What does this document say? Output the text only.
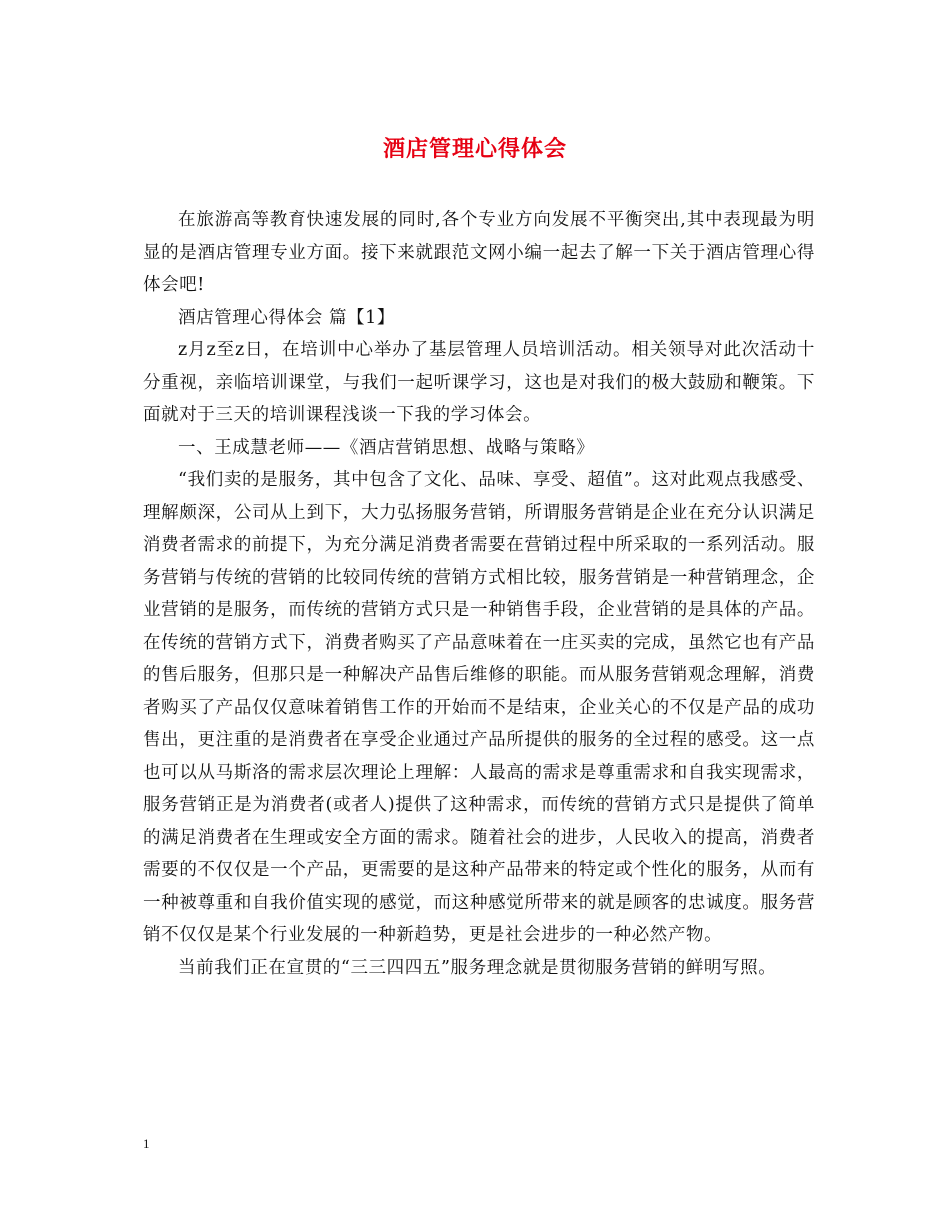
酒店管理心得体会

在旅游高等教育快速发展的同时,各个专业方向发展不平衡突出,其中表现最为明显的是酒店管理专业方面。接下来就跟范文网小编一起去了解一下关于酒店管理心得体会吧!

酒店管理心得体会 篇【1】

z月z至z日，在培训中心举办了基层管理人员培训活动。相关领导对此次活动十分重视，亲临培训课堂，与我们一起听课学习，这也是对我们的极大鼓励和鞭策。下面就对于三天的培训课程浅谈一下我的学习体会。

一、王成慧老师——《酒店营销思想、战略与策略》

“我们卖的是服务，其中包含了文化、品味、享受、超值”。这对此观点我感受、理解颇深，公司从上到下，大力弘扬服务营销，所谓服务营销是企业在充分认识满足消费者需求的前提下，为充分满足消费者需要在营销过程中所采取的一系列活动。服务营销与传统的营销的比较同传统的营销方式相比较，服务营销是一种营销理念，企业营销的是服务，而传统的营销方式只是一种销售手段，企业营销的是具体的产品。在传统的营销方式下，消费者购买了产品意味着在一庄买卖的完成，虽然它也有产品的售后服务，但那只是一种解决产品售后维修的职能。而从服务营销观念理解，消费者购买了产品仅仅意味着销售工作的开始而不是结束，企业关心的不仅是产品的成功售出，更注重的是消费者在享受企业通过产品所提供的服务的全过程的感受。这一点也可以从马斯洛的需求层次理论上理解：人最高的需求是尊重需求和自我实现需求，服务营销正是为消费者(或者人)提供了这种需求，而传统的营销方式只是提供了简单的满足消费者在生理或安全方面的需求。随着社会的进步，人民收入的提高，消费者需要的不仅仅是一个产品，更需要的是这种产品带来的特定或个性化的服务，从而有一种被尊重和自我价值实现的感觉，而这种感觉所带来的就是顾客的忠诚度。服务营销不仅仅是某个行业发展的一种新趋势，更是社会进步的一种必然产物。

当前我们正在宣贯的“三三四四五”服务理念就是贯彻服务营销的鲜明写照。

1
